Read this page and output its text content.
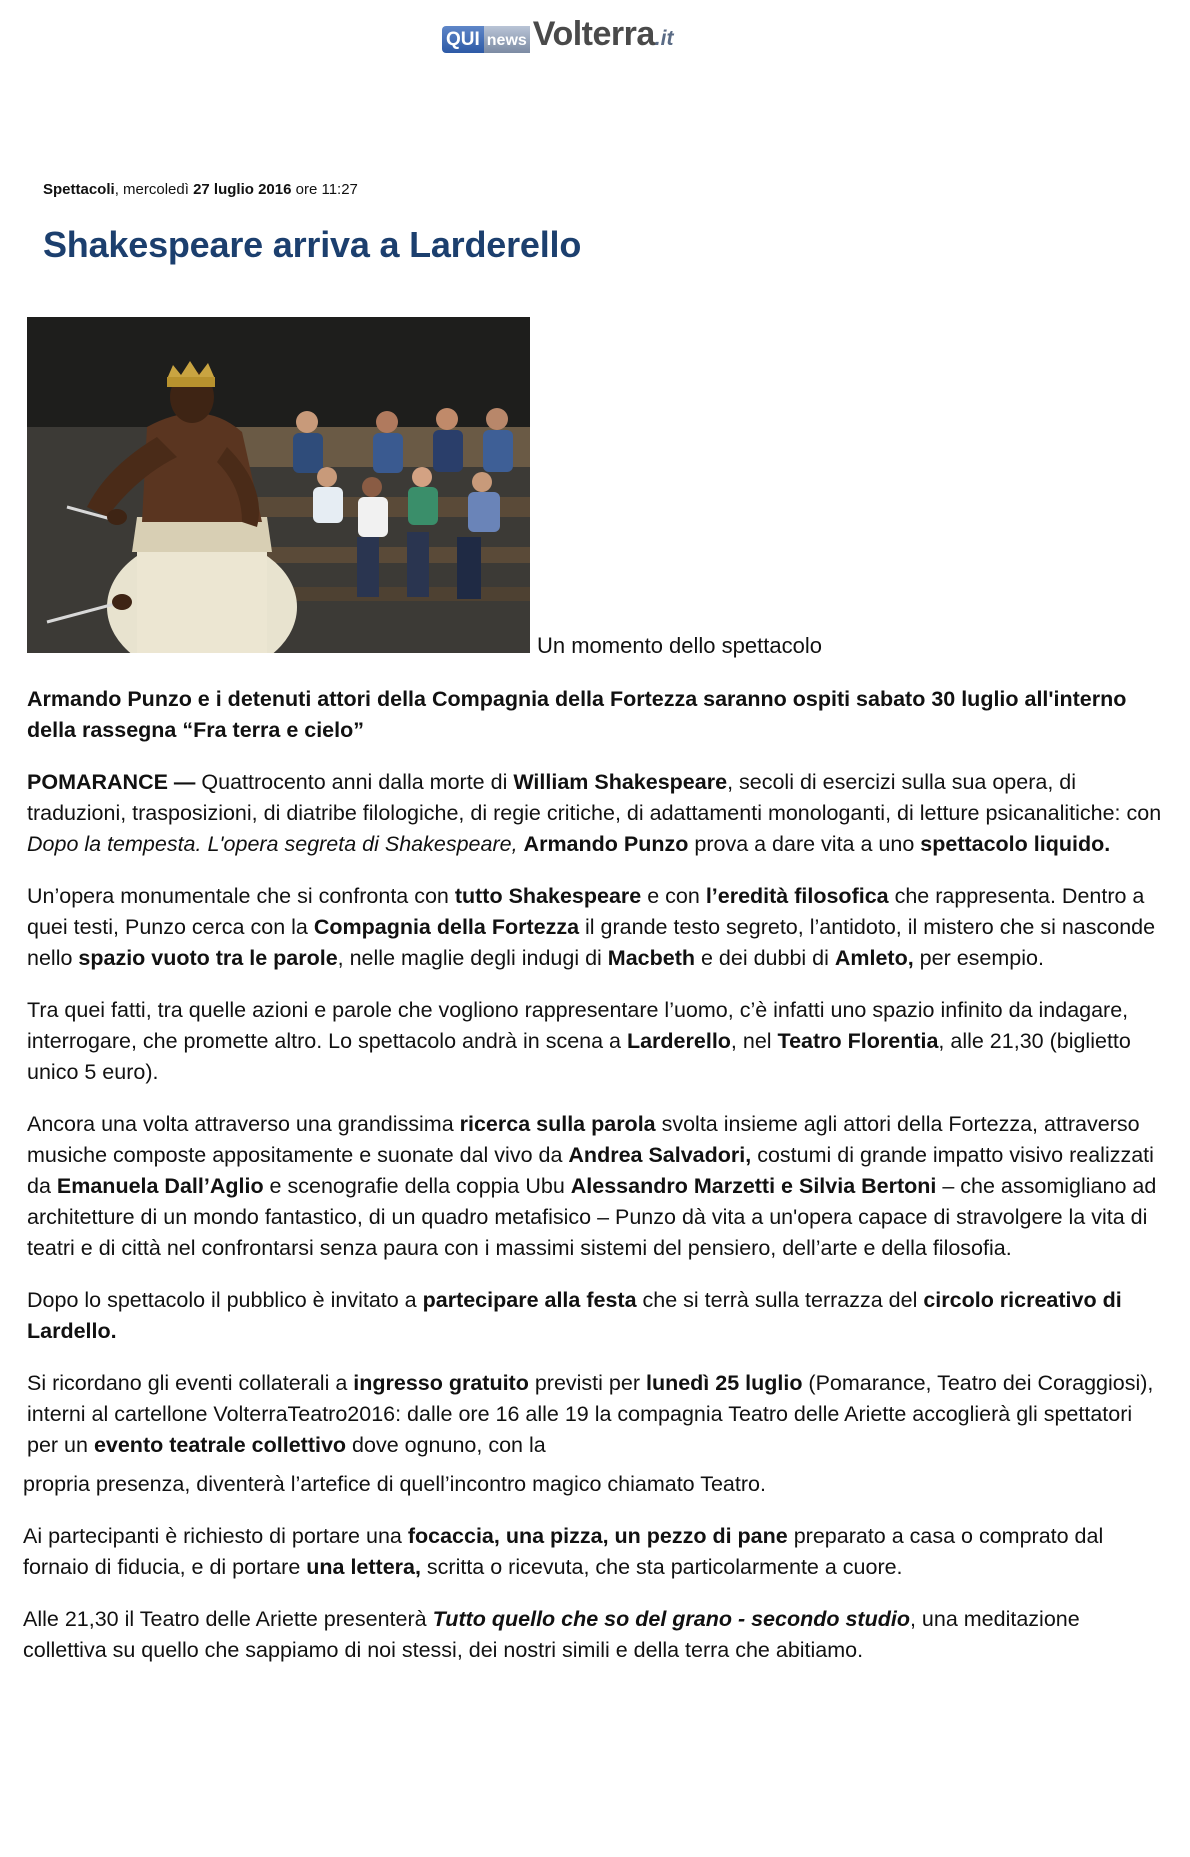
QUI news Volterra .it
Spettacoli, mercoledì 27 luglio 2016 ore 11:27
Shakespeare arriva a Larderello
Un momento dello spettacolo

Armando Punzo e i detenuti attori della Compagnia della Fortezza saranno ospiti sabato 30 luglio all'interno della rassegna “Fra terra e cielo”

POMARANCE — Quattrocento anni dalla morte di William Shakespeare, secoli di esercizi sulla sua opera, di traduzioni, trasposizioni, di diatribe filologiche, di regie critiche, di adattamenti monologanti, di letture psicanalitiche: con Dopo la tempesta. L'opera segreta di Shakespeare, Armando Punzo prova a dare vita a uno spettacolo liquido.

Un’opera monumentale che si confronta con tutto Shakespeare e con l’eredità filosofica che rappresenta. Dentro a quei testi, Punzo cerca con la Compagnia della Fortezza il grande testo segreto, l’antidoto, il mistero che si nasconde nello spazio vuoto tra le parole, nelle maglie degli indugi di Macbeth e dei dubbi di Amleto, per esempio.

Tra quei fatti, tra quelle azioni e parole che vogliono rappresentare l’uomo, c’è infatti uno spazio infinito da indagare, interrogare, che promette altro. Lo spettacolo andrà in scena a Larderello, nel Teatro Florentia, alle 21,30 (biglietto unico 5 euro).

Ancora una volta attraverso una grandissima ricerca sulla parola svolta insieme agli attori della Fortezza, attraverso musiche composte appositamente e suonate dal vivo da Andrea Salvadori, costumi di grande impatto visivo realizzati da Emanuela Dall’Aglio e scenografie della coppia Ubu Alessandro Marzetti e Silvia Bertoni – che assomigliano ad architetture di un mondo fantastico, di un quadro metafisico – Punzo dà vita a un'opera capace di stravolgere la vita di teatri e di città nel confrontarsi senza paura con i massimi sistemi del pensiero, dell’arte e della filosofia.

Dopo lo spettacolo il pubblico è invitato a partecipare alla festa che si terrà sulla terrazza del circolo ricreativo di Lardello.

Si ricordano gli eventi collaterali a ingresso gratuito previsti per lunedì 25 luglio (Pomarance, Teatro dei Coraggiosi), interni al cartellone VolterraTeatro2016: dalle ore 16 alle 19 la compagnia Teatro delle Ariette accoglierà gli spettatori per un evento teatrale collettivo dove ognuno, con la

propria presenza, diventerà l’artefice di quell’incontro magico chiamato Teatro.

Ai partecipanti è richiesto di portare una focaccia, una pizza, un pezzo di pane preparato a casa o comprato dal fornaio di fiducia, e di portare una lettera, scritta o ricevuta, che sta particolarmente a cuore.

Alle 21,30 il Teatro delle Ariette presenterà Tutto quello che so del grano - secondo studio, una meditazione collettiva su quello che sappiamo di noi stessi, dei nostri simili e della terra che abitiamo.
